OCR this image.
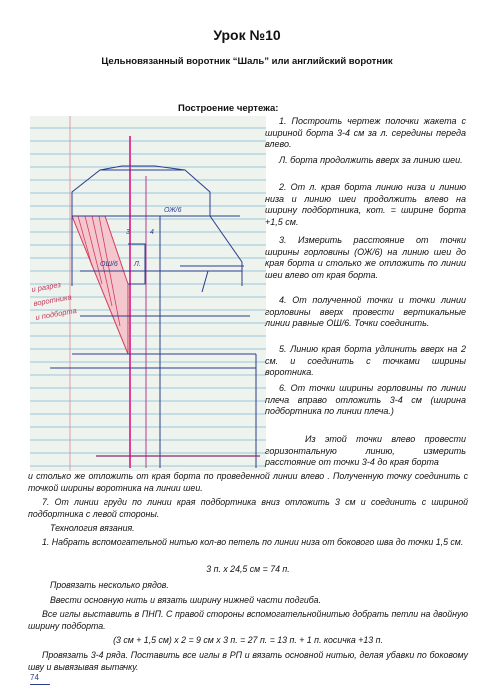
Урок №10
Цельновязанный воротник “Шаль” или английский воротник
Построение чертежа:
ОШ/6 Л.
3	4
ОЖ/6
и разрез
воротника
и подборта
1. Построить чертеж полочки жакета с шириной борта 3-4 см за л. середины переда влево.
Л. борта продолжить вверх за линию шеи.
2. От л. края борта линию низа и линию низа и линию шеи продолжить влево на ширину подбортника, кот. = ширине борта +1,5 см.
3. Измерить расстояние от точки ширины горловины (ОЖ/6) на линию шеи до края борта и столько же отложить по линии шеи влево от края борта.
4. От полученной точки и точки линии горловины вверх провести вертикальные линии равные ОШ/6. Точки соединить.
5. Линию края борта удлинить вверх на 2 см. и соединить с точками ширины воротника.
6. От точки ширины горловины по линии плеча вправо отложить 3-4 см (ширина подбортника по линии плеча.)
Из этой точки влево провести горизонтальную линию, измерить расстояние от точки 3-4 до края борта
и столько же отложить от края борта по проведенной линии влево . Полученную точку соединить с точкой ширины воротника на линии шеи.
7. От линии груди по линии края подбортника вниз отложить 3 см и соединить с шириной подбортника с левой стороны.
Технология вязания.
1. Набрать вспомогательной нитью кол-во петель по линии низа от бокового шва до точки 1,5 см.
3 п. х 24,5 см = 74 п.
Провязать несколько рядов.
Ввести основную нить и вязать ширину нижней части подгиба.
Все иглы выставить в ПНП. С правой стороны вспомогательнойнитью добрать петли на двойную ширину подборта.
(3 см + 1,5 см) х 2 = 9 см х 3 п. = 27 п. = 13 п. + 1 п. косичка +13 п.
Провязать 3-4 ряда. Поставить все иглы в РП и вязать основной нитью, делая убавки по боковому шву и вывязывая вытачку.
74
